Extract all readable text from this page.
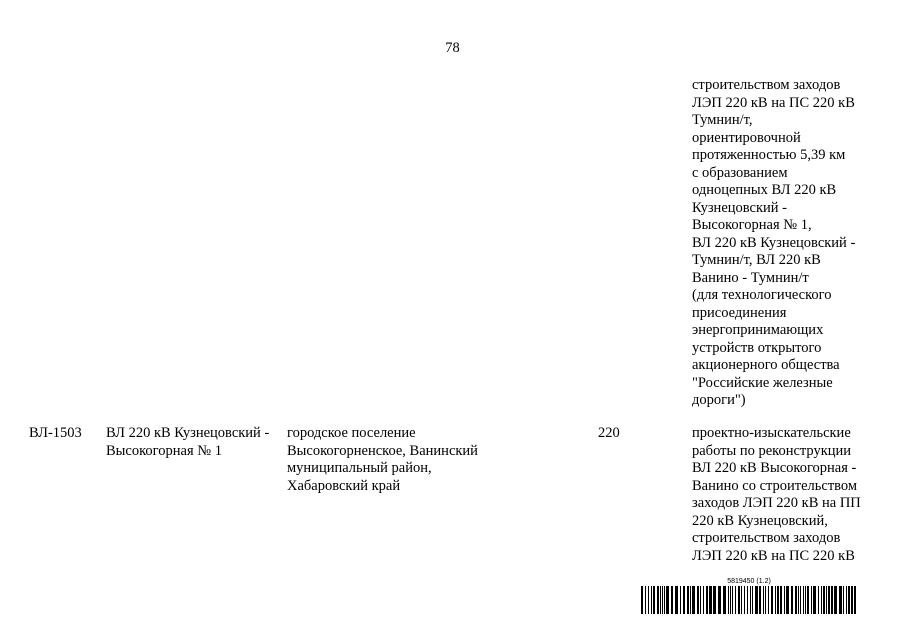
78

строительством заходов

ЛЭП 220 кВ на ПС 220 кВ

Тумнин/т,

ориентировочной

протяженностью 5,39 км

с образованием

одноцепных ВЛ 220 кВ

Кузнецовский -

Высокогорная № 1,

ВЛ 220 кВ Кузнецовский -

Тумнин/т, ВЛ 220 кВ

Ванино - Тумнин/т

(для технологического

присоединения

энергопринимающих

устройств открытого

акционерного общества

"Российские железные

дороги")

ВЛ-1503 ВЛ 220 кВ Кузнецовский -

Высокогорная № 1

городское поселение

Высокогорненское, Ванинский

муниципальный район,

Хабаровский край

220	проектно-изыскательские

работы по реконструкции

ВЛ 220 кВ Высокогорная -

Ванино со строительством

заходов ЛЭП 220 кВ на ПП

220 кВ Кузнецовский,

строительством заходов

ЛЭП 220 кВ на ПС 220 кВ

5819450 (1.2)
